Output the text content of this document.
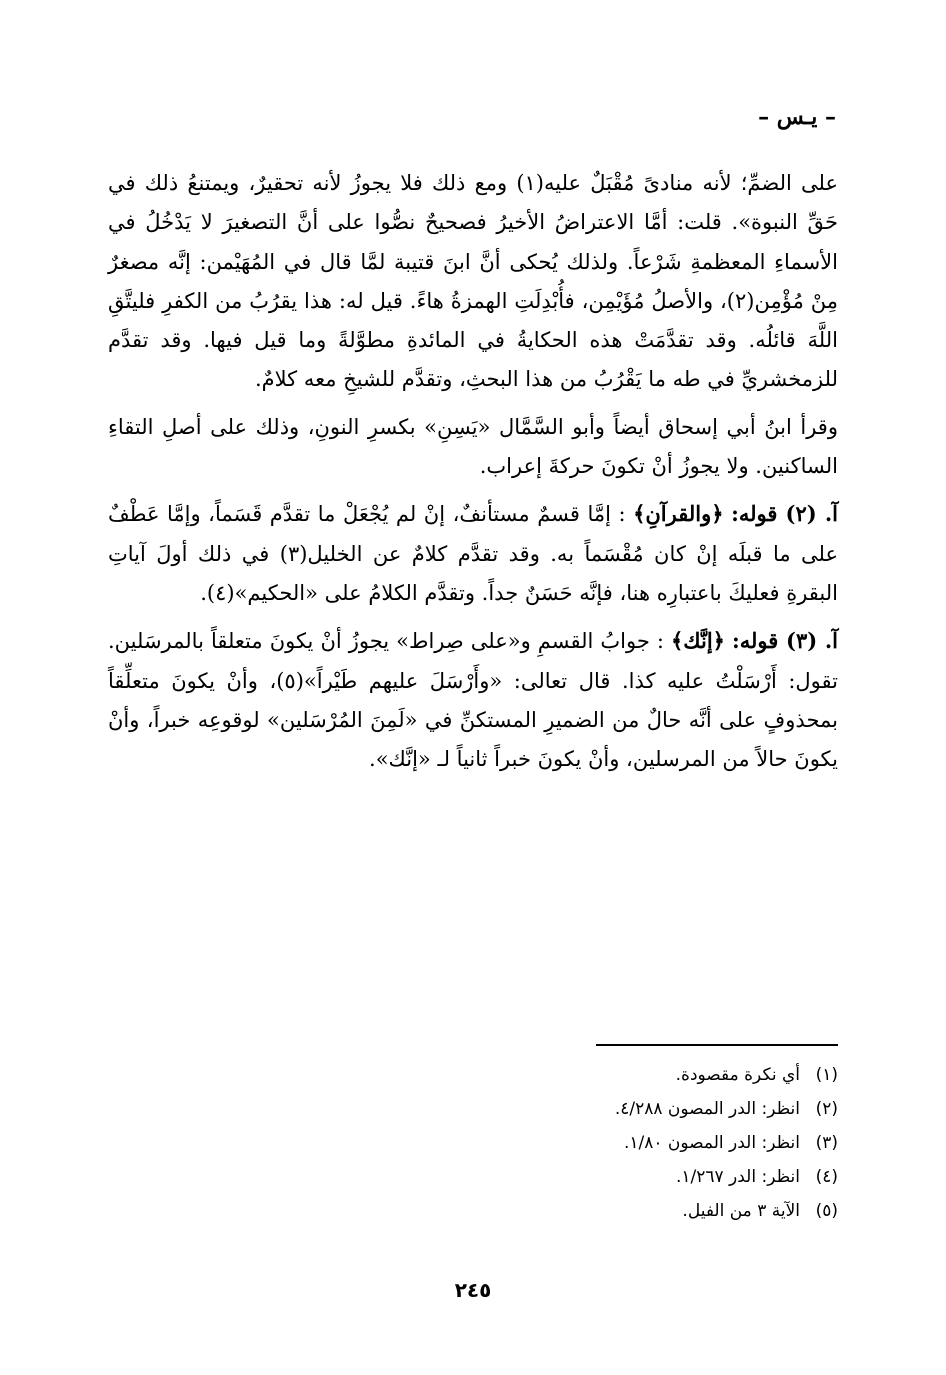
– يـس –

على الضمِّ؛ لأنه منادىً مُقْبَلٌ عليه(١) ومع ذلك فلا يجوزُ لأنه تحقيرٌ، ويمتنعُ ذلك في حَقِّ النبوة». قلت: أمَّا الاعتراضُ الأخيرُ فصحيحٌ نصُّوا على أنَّ التصغيرَ لا يَدْخُلُ في الأسماءِ المعظمةِ شَرْعاً. ولذلك يُحكى أنَّ ابنَ قتيبة لمَّا قال في المُهَيْمن: إنَّه مصغرٌ مِنْ مُؤْمِن(٢)، والأصلُ مُؤَيْمِن، فأُبْدِلَتِ الهمزةُ هاءً. قيل له: هذا يقرُبُ من الكفرِ فليتَّقِ اللَّهَ قائلُه. وقد تقدَّمَتْ هذه الحكايةُ في المائدةِ مطوَّلةً وما قيل فيها. وقد تقدَّم للزمخشريِّ في طه ما يَقْرُبُ من هذا البحثِ، وتقدَّم للشيخِ معه كلامٌ.

وقرأ ابنُ أبي إسحاق أيضاً وأبو السَّمَّال «يَسِنِ» بكسرِ النونِ، وذلك على أصلِ التقاءِ الساكنين. ولا يجوزُ أنْ تكونَ حركةَ إعراب.

آ. (٢) قوله: ﴿والقرآنِ﴾ : إمَّا قسمٌ مستأنفٌ، إنْ لم يُجْعَلْ ما تقدَّم قَسَماً، وإمَّا عَطْفٌ على ما قبلَه إنْ كان مُقْسَماً به. وقد تقدَّم كلامٌ عن الخليل(٣) في ذلك أولَ آياتِ البقرةِ فعليكَ باعتبارِه هنا، فإنَّه حَسَنٌ جداً. وتقدَّم الكلامُ على «الحكيم»(٤).

آ. (٣) قوله: ﴿إنَّك﴾ : جوابُ القسمِ و«على صِراط» يجوزُ أنْ يكونَ متعلقاً بالمرسَلين. تقول: أَرْسَلْتُ عليه كذا. قال تعالى: «وأَرْسَلَ عليهم طَيْراً»(٥)، وأنْ يكونَ متعلِّقاً بمحذوفٍ على أنَّه حالٌ من الضميرِ المستكنِّ في «لَمِنَ المُرْسَلين» لوقوعِه خبراً، وأنْ يكونَ حالاً من المرسلين، وأنْ يكونَ خبراً ثانياً لـ «إنَّك».

(١)أي نكرة مقصودة.
(٢)انظر: الدر المصون ٤/٢٨٨.
(٣)انظر: الدر المصون ١/٨٠.
(٤)انظر: الدر ١/٢٦٧.
(٥)الآية ٣ من الفيل.
٢٤٥
